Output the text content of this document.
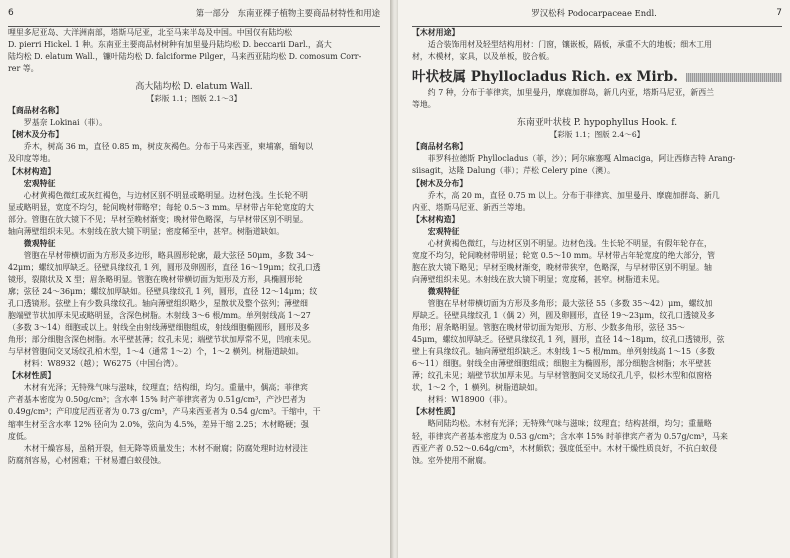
6	第一部分　东南亚裸子植物主要商品材特性和用途

哩里多尼亚岛、大洋洲南部，塔斯马尼亚，北至马来半岛及中国。中国仅有陆均松

D. pierri Hickel. 1 种。东南亚主要商品材树种有加里曼丹陆均松 D. beccarii Darl.，高大

陆均松 D. elatum Wall.，镰叶陆均松 D. falciforme Pilger，马来西亚陆均松 D. comosum Corr-

rer 等。

高大陆均松 D. elatum Wall.
【彩版 1.1；图版 2.1～3】

【商品材名称】

罗基奈 Lokinai（菲）。

【树木及分布】

乔木，树高 36 m，直径 0.85 m，树皮灰褐色。分布于马来西亚，柬埔寨，缅甸以

及印度等地。

【木材构造】

宏观特征

心材黄褐色微红或灰红褐色，与边材区别不明显或略明显。边材色浅。生长轮不明

显或略明显，宽度不均匀，轮间晚材带略窄；每轮 0.5～3 mm。早材带占年轮宽度的大

部分。管胞在放大镜下不见；早材至晚材渐变；晚材带色略深，与早材带区别不明显。

轴向薄壁组织未见。木射线在放大镜下明显；密度稀至中，甚窄。树脂道缺如。

微观特征

管胞在早材带横切面为方形及多边形，略具圆形轮廓，最大弦径 50μm，多数 34～

42μm；螺纹加厚缺乏。径壁具缘纹孔 1 列，圆形及卵圆形，直径 16～19μm；纹孔口透

镜形，裂隙状及 X 型；眉条略明显。管胞在晚材带横切面为矩形及方形，具椭圆形轮

廓；弦径 24～36μm；螺纹加厚缺如。径壁具缘纹孔 1 列，圆形，直径 12～14μm；纹

孔口透镜形。弦壁上有少数具缘纹孔。轴向薄壁组织略少，星散状及整个弦列；薄壁细

胞端壁节状加厚未见或略明显，含深色树脂。木射线 3～6 根/mm。单列射线高 1～27

（多数 3～14）细胞或以上。射线全由射线薄壁细胞组成，射线细胞椭圆形，圆形及多

角形；部分细胞含深色树脂。水平壁甚薄；纹孔未见；端壁节状加厚常不见，凹痕未见。

与早材管胞间交叉场纹孔柏木型，1～4（通常 1～2）个，1～2 横列。树脂道缺如。

材料：W8932（越）；W6275（中国台湾）。

【木材性质】

木材有光泽；无特殊气味与滋味，纹理直；结构细，均匀。重量中，偶高；菲律宾

产者基本密度为 0.50g/cm³；含水率 15% 时产菲律宾者为 0.51g/cm³，产沙巴者为

0.49g/cm³；产印度尼西亚者为 0.73 g/cm³，产马来西亚者为 0.54 g/cm³。干缩中，干

缩率生材至含水率 12% 径向为 2.0%，弦向为 4.5%，差异干缩 2.25；木材略硬；强

度低。

木材干燥容易，虽稍开裂，但无降等质量发生；木材不耐腐；防腐处理时边材浸注

防腐剂容易，心材困难；干材易遭白蚁侵蚀。

罗汉松科 Podocarpaceae Endl.	7

【木材用途】

适合装饰用材及轻型结构用材：门窗，镶嵌板，隔板，承重不大的地板；细木工用

材，木模材，家具，以及单板，胶合板。

叶状枝属 Phyllocladus Rich. ex Mirb.

约 7 种，分布于菲律宾，加里曼丹，摩鹿加群岛，新几内亚，塔斯马尼亚，新西兰

等地。

东南亚叶状枝 P. hypophyllus Hook. f.
【彩版 1.1；图版 2.4～6】

【商品材名称】

菲罗科拉德斯 Phyllocladus（菲，沙）；阿尔麻塞嘎 Almaciga，阿让西修吉特 Arang-

siisagit，达隆 Dalung（菲）；芹松 Celery pine（澳）。

【树木及分布】

乔木，高 20 m，直径 0.75 m 以上。分布于菲律宾、加里曼丹、摩鹿加群岛、新几

内亚、塔斯马尼亚、新西兰等地。

【木材构造】

宏观特征

心材黄褐色微红，与边材区别不明显。边材色浅。生长轮不明显，有假年轮存在，

宽度不均匀，轮间晚材带明显；轮宽 0.5～10 mm。早材带占年轮宽度的绝大部分，管

胞在放大镜下略见；早材至晚材渐变，晚材带狭窄，色略深，与早材带区别不明显。轴

向薄壁组织未见。木射线在放大镜下明显；宽度稀，甚窄。树脂道未见。

微观特征

管胞在早材带横切面为方形及多角形；最大弦径 55（多数 35～42）μm，螺纹加

厚缺乏。径壁具缘纹孔 1（偶 2）列，圆及卵圆形，直径 19～23μm，纹孔口透镜及多

角形；眉条略明显。管胞在晚材带切面为矩形、方形、少数多角形，弦径 35～

45μm，螺纹加厚缺乏。径壁具缘纹孔 1 列，圆形，直径 14～18μm，纹孔口透镜形，弦

壁上有具缘纹孔。轴向薄壁组织缺乏。木射线 1～5 根/mm。单列射线高 1～15（多数

6～11）细胞。射线全由薄壁细胞组成；细胞主为椭圆形，部分细胞含树脂；水平壁甚

薄；纹孔未见；端壁节状加厚未见。与早材管胞间交叉场纹孔几乎，似杉木型和似窗格

状，1～2 个，1 横列。树脂道缺如。

材料：W18900（菲）。

【木材性质】

略同陆均松。木材有光泽；无特殊气味与滋味；纹理直；结构甚细，均匀；重量略

轻，菲律宾产者基本密度为 0.53 g/cm³；含水率 15% 时菲律宾产者为 0.57g/cm³，马来

西亚产者 0.52～0.64g/cm³，木材颇软；强度低至中。木材干燥性质良好，不抗白蚁侵

蚀。室外使用不耐腐。
